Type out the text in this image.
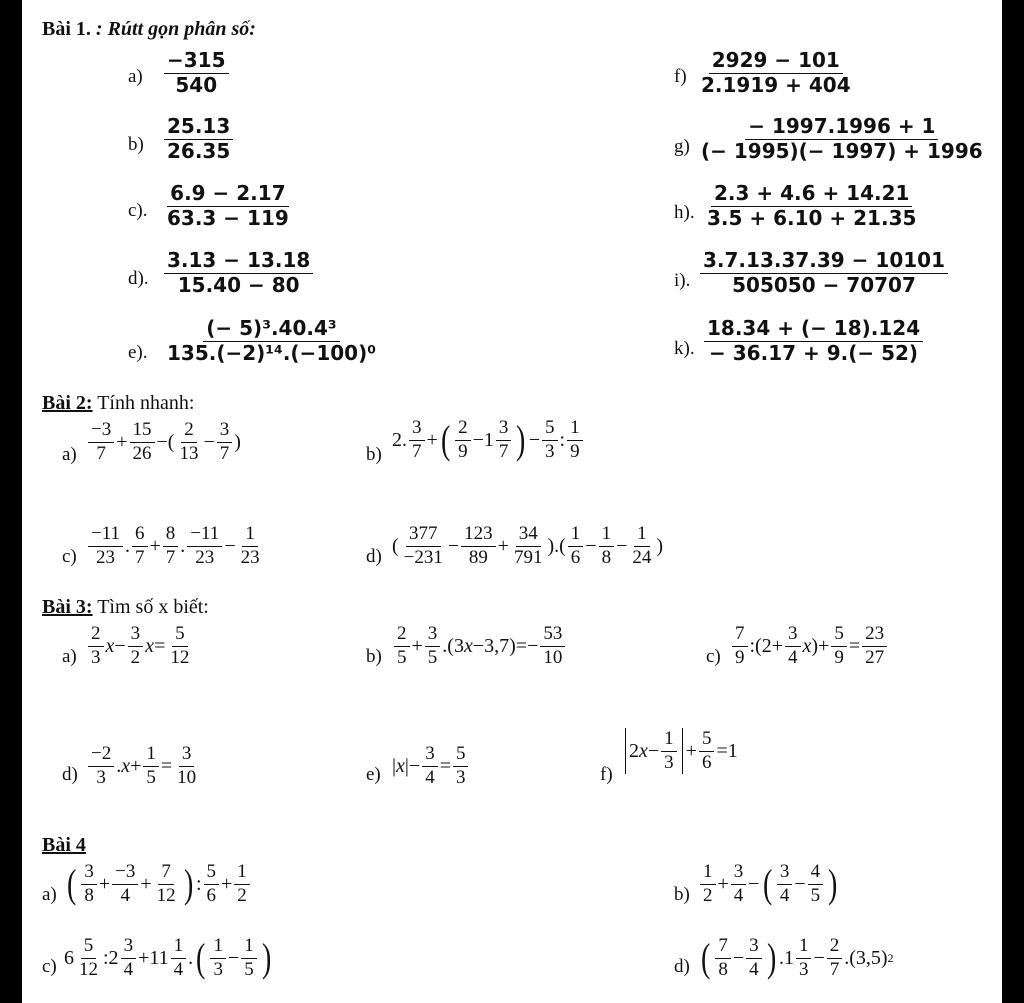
Bài 1. : Rútt gọn phân số:
$a) \frac{-315}{540}$
$b) \frac{25.13}{26.35}$
c). $\frac{6.9 - 2.17}{63.3 - 119}$
d). $\frac{3.13 - 13.18}{15.40 - 80}$
e). $\frac{\text{(− 5)³.40.4³}}{\text{135.(−2)¹⁴.(−100)⁰}}$
$f) \frac{2929 - 101}{2.1919 + 404}$
$g) \frac{- 1997.1996 + 1}{(- 1995)(- 1997) + 1996}$
h). $\frac{2.3 + 4.6 + 14.21}{3.5 + 6.10 + 21.35}$
i). $\frac{3.7.13.37.39 - 10101}{505050 - 70707}$
k). $\frac{18.34 + (- 18).124}{- 36.17 + 9.(- 52)}$
Bài 2: Tính nhanh:
$a) \frac{-3}{7} + \frac{15}{26}$ −( $\frac{2}{13} - \frac{3}{7}$ )
b)
2. $\frac{3}{7}$ + ( $\frac{2}{9} -1 \frac{3}{7}$ ) − $\frac{5}{3}$ : $\frac{1}{9}$
$c) \frac{-11}{23}$ . $\frac{6}{7} + \frac{8}{7}$ . $\frac{-11}{23} - \frac{1}{23}$	d) ( $\frac{377}{-231} - \frac{123}{89} + \frac{34}{791}$ ).( $\frac{1}{6} - \frac{1}{8} - \frac{1}{24}$ )
Bài 3: Tìm số x biết:
$a) \frac{2}{3}$ $x - \frac{3}{2}$ $x = \frac{5}{12}$	$b) \frac{2}{5} + \frac{3}{5} .(3$ $x -3,7)=- \frac{53}{10}$	$c) \frac{7}{9}$ :(2+ $\frac{3}{4}$ x )+ $\frac{5}{9} = \frac{23}{27}$
$d) \frac{-2}{3}$ . $x + \frac{1}{5} = \frac{3}{10}$	e) | x |− $\frac{3}{4} = \frac{5}{3}$	f)
2 $x - \frac{1}{3} + \frac{5}{6} =1$
Bài 4
a) ( $\frac{3}{8} + \frac{-3}{4} + \frac{7}{12}$ ) : $\frac{5}{6} + \frac{1}{2}$	$b) \frac{1}{2} + \frac{3}{4}$ − ( $\frac{3}{4} - \frac{4}{5}$ )
c) $6 \frac{5}{12}$ :2 $\frac{3}{4} +11 \frac{1}{4}$ . ( $\frac{1}{3} - \frac{1}{5}$ )	d) ( $\frac{7}{8} - \frac{3}{4}$ ) $.1 \frac{1}{3} - \frac{2}{7} .(3,5)$ 2
